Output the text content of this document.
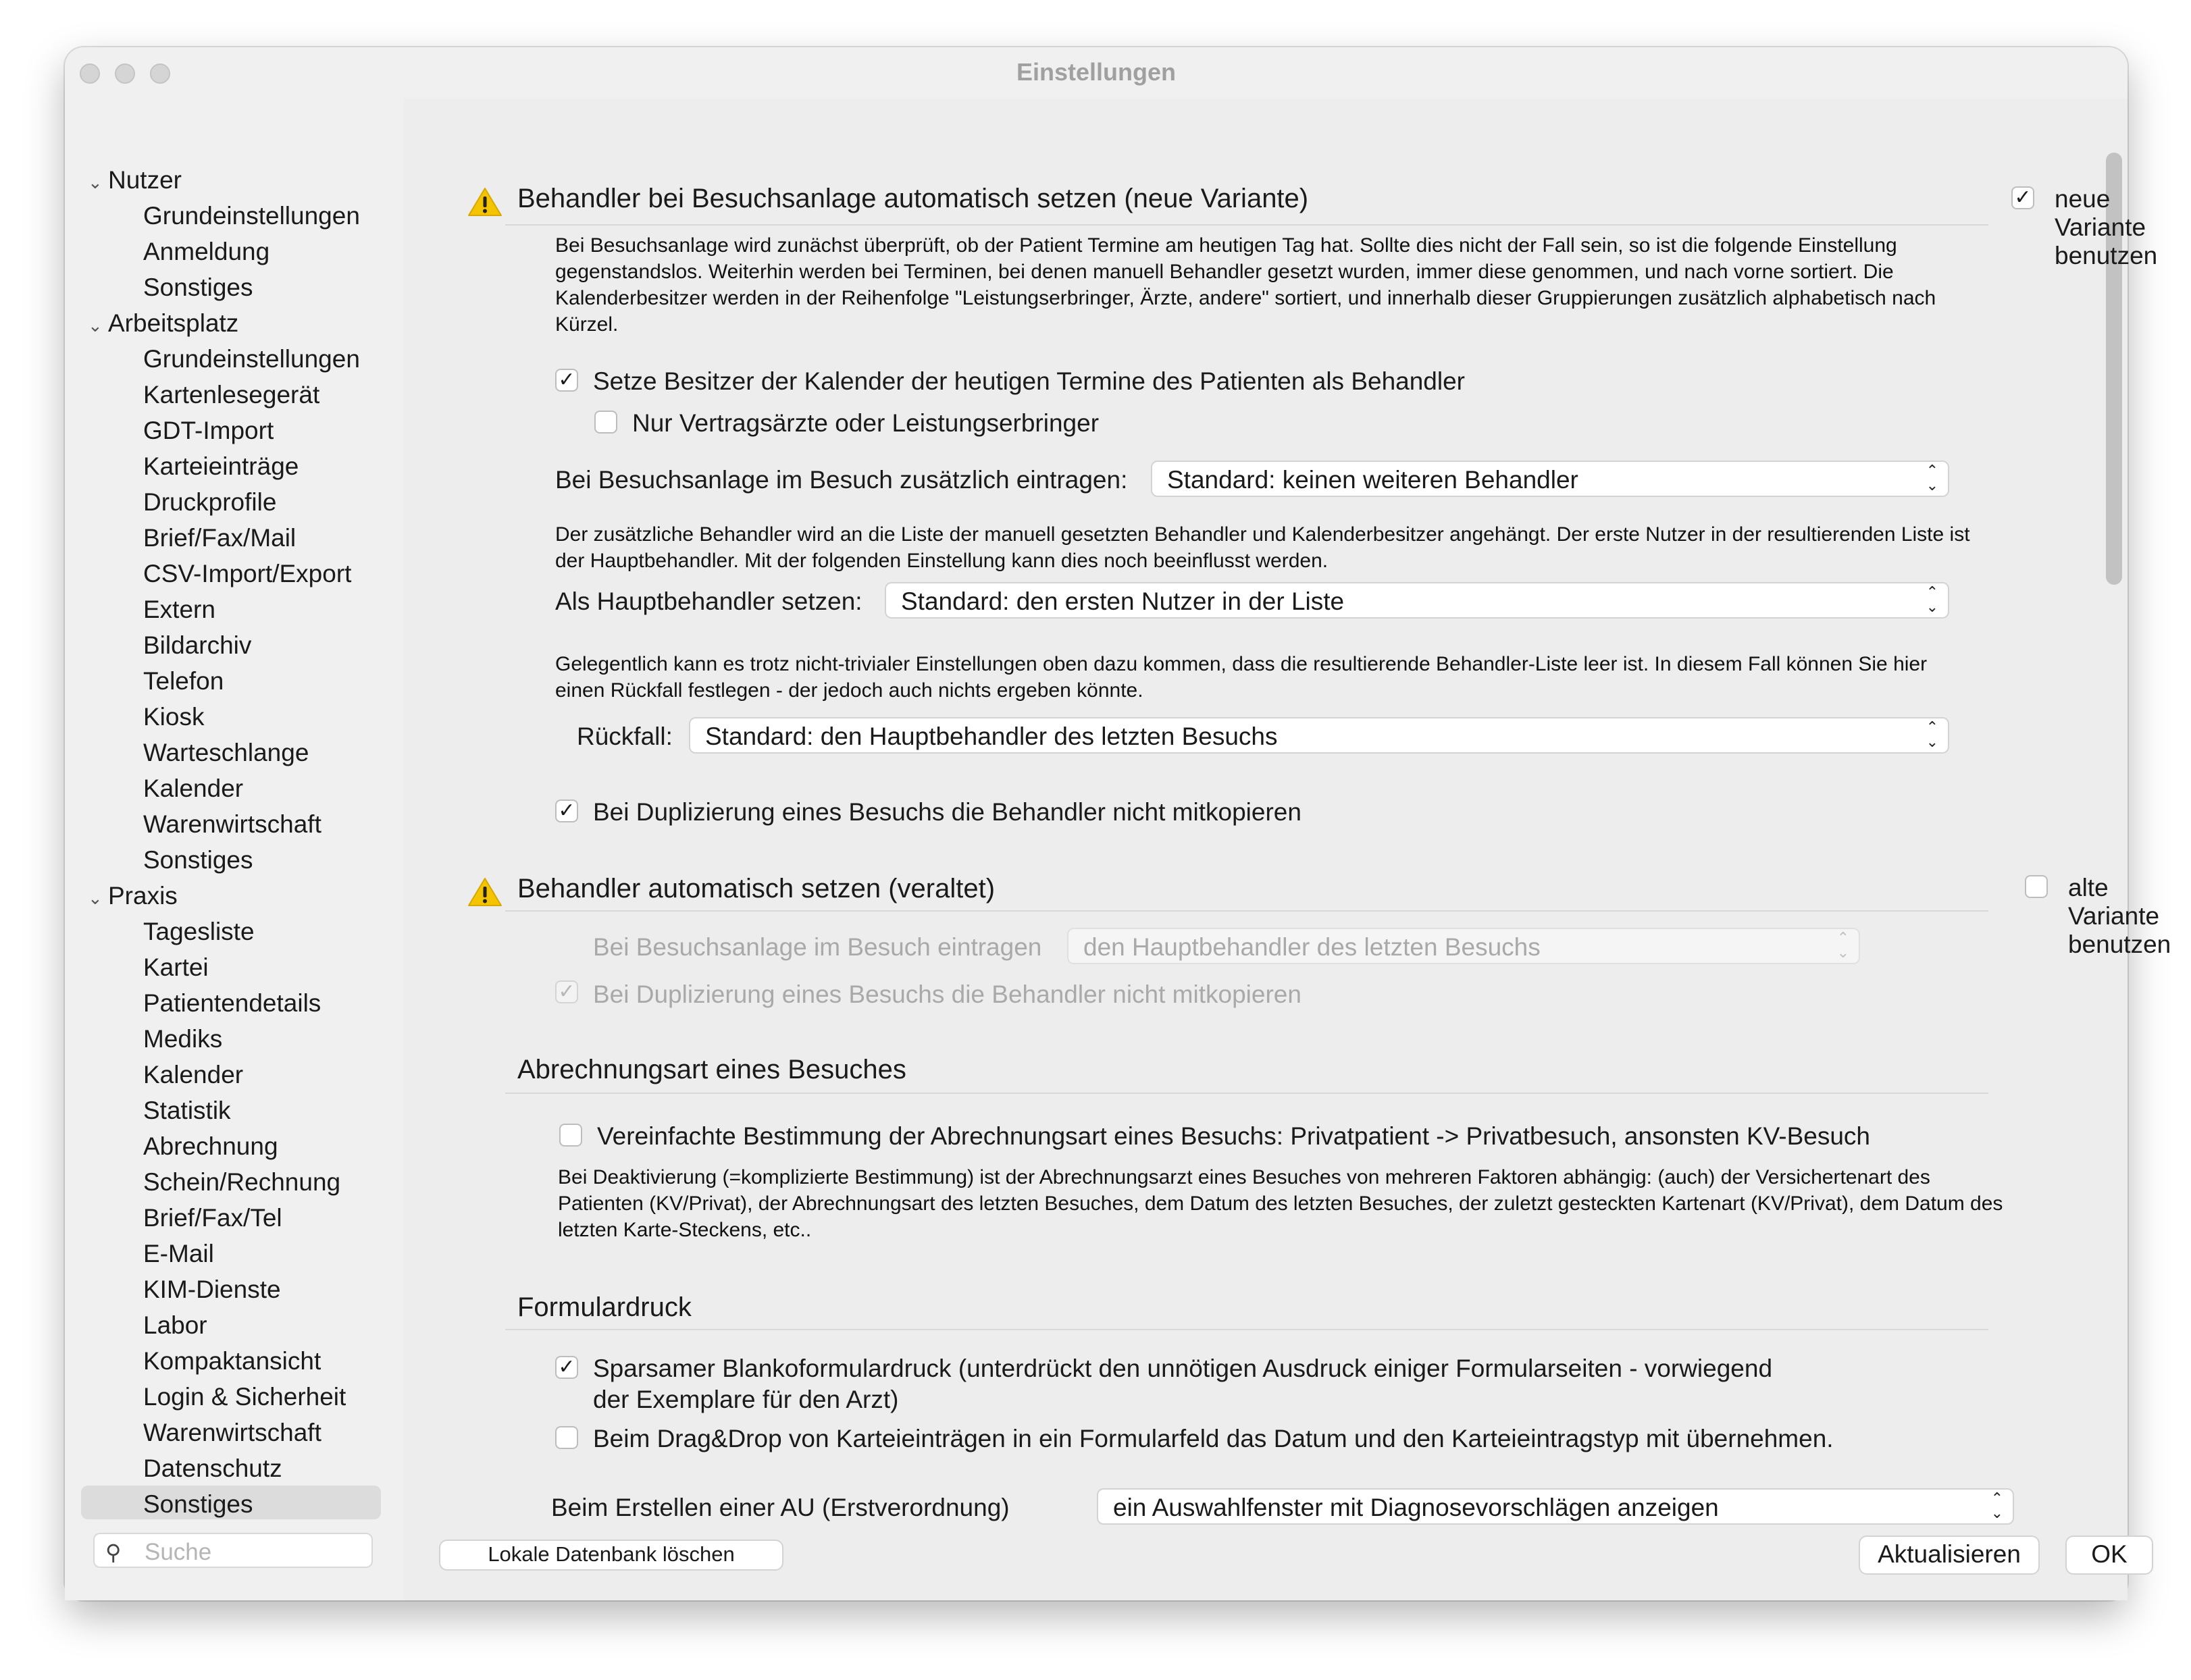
Einstellungen
⌄ Nutzer
Grundeinstellungen
Anmeldung
Sonstiges
⌄ Arbeitsplatz
Grundeinstellungen
Kartenlesegerät
GDT-Import
Karteieinträge
Druckprofile
Brief/Fax/Mail
CSV-Import/Export
Extern
Bildarchiv
Telefon
Kiosk
Warteschlange
Kalender
Warenwirtschaft
Sonstiges
⌄ Praxis
Tagesliste
Kartei
Patientendetails
Mediks
Kalender
Statistik
Abrechnung
Schein/Rechnung
Brief/Fax/Tel
E-Mail
KIM-Dienste
Labor
Kompaktansicht
Login & Sicherheit
Warenwirtschaft
Datenschutz
Sonstiges
⚲ Suche
Behandler bei Besuchsanlage automatisch setzen (neue Variante)	✓ neue Variante benutzen
Bei Besuchsanlage wird zunächst überprüft, ob der Patient Termine am heutigen Tag hat. Sollte dies nicht der Fall sein, so ist die folgende Einstellung gegenstandslos. Weiterhin werden bei Terminen, bei denen manuell Behandler gesetzt wurden, immer diese genommen, und nach vorne sortiert. Die Kalenderbesitzer werden in der Reihenfolge "Leistungserbringer, Ärzte, andere" sortiert, und innerhalb dieser Gruppierungen zusätzlich alphabetisch nach Kürzel.
✓ Setze Besitzer der Kalender der heutigen Termine des Patienten als Behandler
Nur Vertragsärzte oder Leistungserbringer
Bei Besuchsanlage im Besuch zusätzlich eintragen: Standard: keinen weiteren Behandler	⌃
⌄
Der zusätzliche Behandler wird an die Liste der manuell gesetzten Behandler und Kalenderbesitzer angehängt. Der erste Nutzer in der resultierenden Liste ist der Hauptbehandler. Mit der folgenden Einstellung kann dies noch beeinflusst werden.
Als Hauptbehandler setzen: Standard: den ersten Nutzer in der Liste	⌃
⌄
Gelegentlich kann es trotz nicht-trivialer Einstellungen oben dazu kommen, dass die resultierende Behandler-Liste leer ist. In diesem Fall können Sie hier einen Rückfall festlegen - der jedoch auch nichts ergeben könnte.
Rückfall: Standard: den Hauptbehandler des letzten Besuchs	⌃
⌄
✓ Bei Duplizierung eines Besuchs die Behandler nicht mitkopieren
Behandler automatisch setzen (veraltet)	alte Variante benutzen
Bei Besuchsanlage im Besuch eintragen den Hauptbehandler des letzten Besuchs	⌃
⌄
✓ Bei Duplizierung eines Besuchs die Behandler nicht mitkopieren
Abrechnungsart eines Besuches
Vereinfachte Bestimmung der Abrechnungsart eines Besuchs: Privatpatient -> Privatbesuch, ansonsten KV-Besuch
Bei Deaktivierung (=komplizierte Bestimmung) ist der Abrechnungsarzt eines Besuches von mehreren Faktoren abhängig: (auch) der Versichertenart des Patienten (KV/Privat), der Abrechnungsart des letzten Besuches, dem Datum des letzten Besuches, der zuletzt gesteckten Kartenart (KV/Privat), dem Datum des letzten Karte-Steckens, etc..
Formulardruck
✓ Sparsamer Blankoformulardruck (unterdrückt den unnötigen Ausdruck einiger Formularseiten - vorwiegend
der Exemplare für den Arzt)
Beim Drag&Drop von Karteieinträgen in ein Formularfeld das Datum und den Karteieintragstyp mit übernehmen.
Beim Erstellen einer AU (Erstverordnung)	ein Auswahlfenster mit Diagnosevorschlägen anzeigen	⌃
⌄
Lokale Datenbank löschen	Aktualisieren	OK
